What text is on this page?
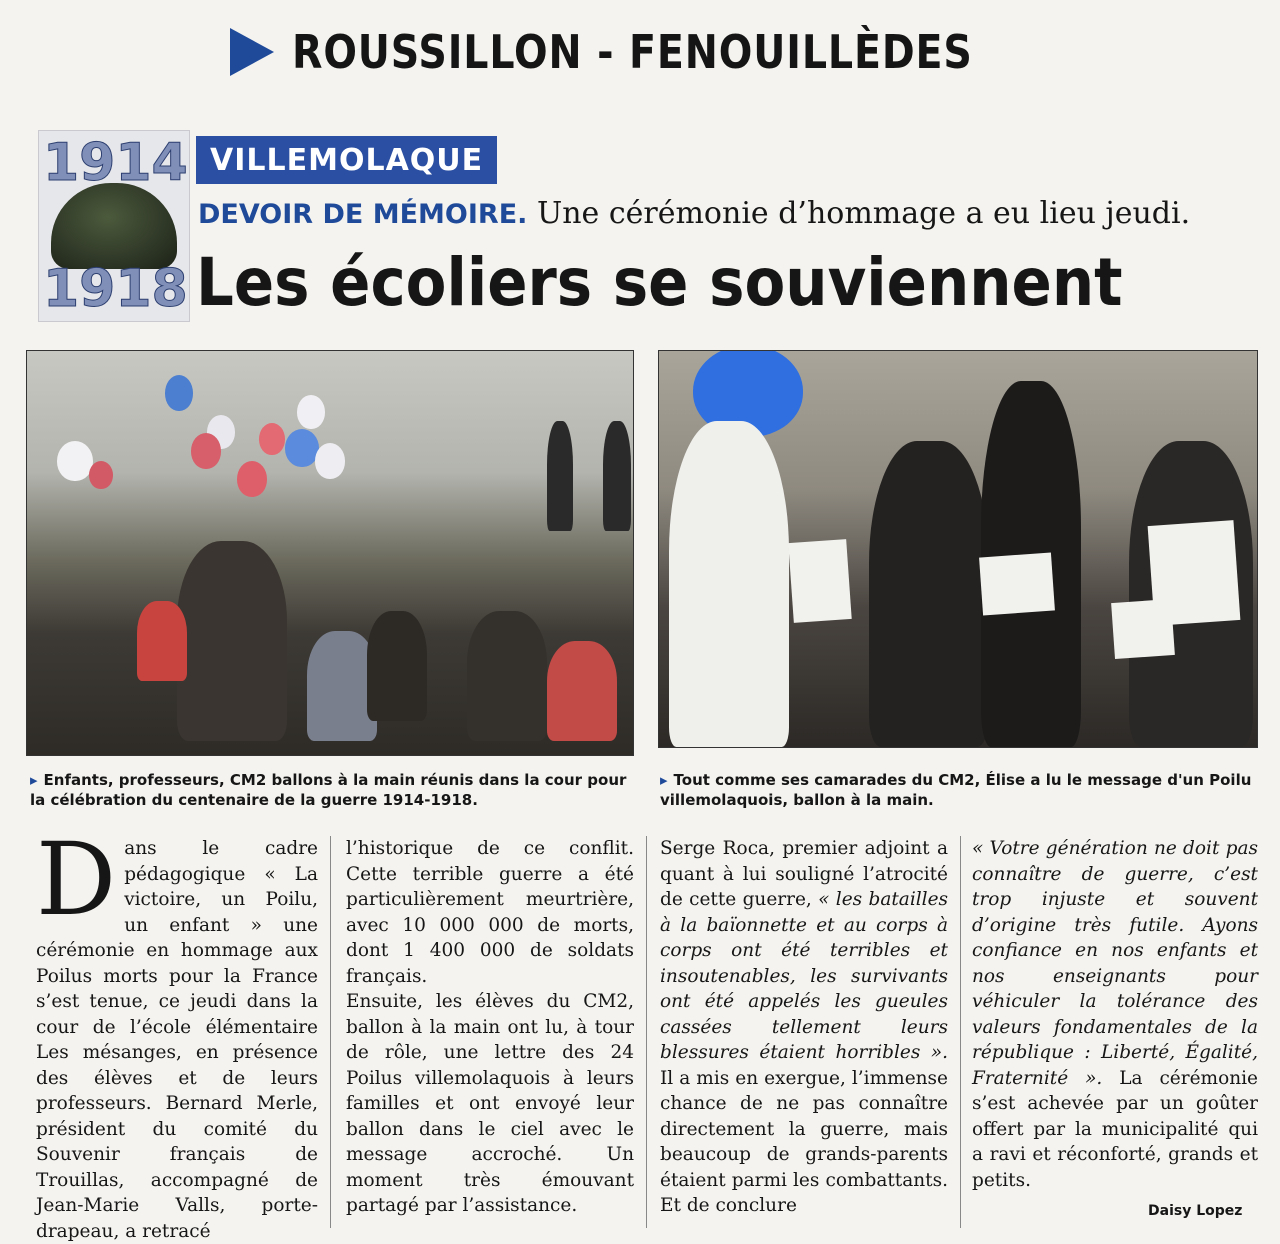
ROUSSILLON - FENOUILLÈDES
1914
1918
VILLEMOLAQUE
DEVOIR DE MÉMOIRE. Une cérémonie d’hommage a eu lieu jeudi.
Les écoliers se souviennent
▸ Enfants, professeurs, CM2 ballons à la main réunis dans la cour pour la célébration du centenaire de la guerre 1914-1918.
▸ Tout comme ses camarades du CM2, Élise a lu le message d'un Poilu villemolaquois, ballon à la main.
Dans le cadre pédagogique « La victoire, un Poilu, un enfant » une cérémonie en hommage aux Poilus morts pour la France s’est tenue, ce jeudi dans la cour de l’école élémentaire Les mésanges, en présence des élèves et de leurs professeurs. Bernard Merle, président du comité du Souvenir français de Trouillas, accompagné de Jean-Marie Valls, porte-drapeau, a retracé
l’historique de ce conflit. Cette terrible guerre a été particulièrement meurtrière, avec 10 000 000 de morts, dont 1 400 000 de soldats français.
Ensuite, les élèves du CM2, ballon à la main ont lu, à tour de rôle, une lettre des 24 Poilus villemolaquois à leurs familles et ont envoyé leur ballon dans le ciel avec le message accroché. Un moment très émouvant partagé par l’assistance.
Serge Roca, premier adjoint a quant à lui souligné l’atrocité de cette guerre, « les batailles à la baïonnette et au corps à corps ont été terribles et insoutenables, les survivants ont été appelés les gueules cassées tellement leurs blessures étaient horribles ». Il a mis en exergue, l’immense chance de ne pas connaître directement la guerre, mais beaucoup de grands-parents étaient parmi les combattants. Et de conclure
« Votre génération ne doit pas connaître de guerre, c’est trop injuste et souvent d’origine très futile. Ayons confiance en nos enfants et nos enseignants pour véhiculer la tolérance des valeurs fondamentales de la république : Liberté, Égalité, Fraternité ». La cérémonie s’est achevée par un goûter offert par la municipalité qui a ravi et réconforté, grands et petits.
Daisy Lopez
